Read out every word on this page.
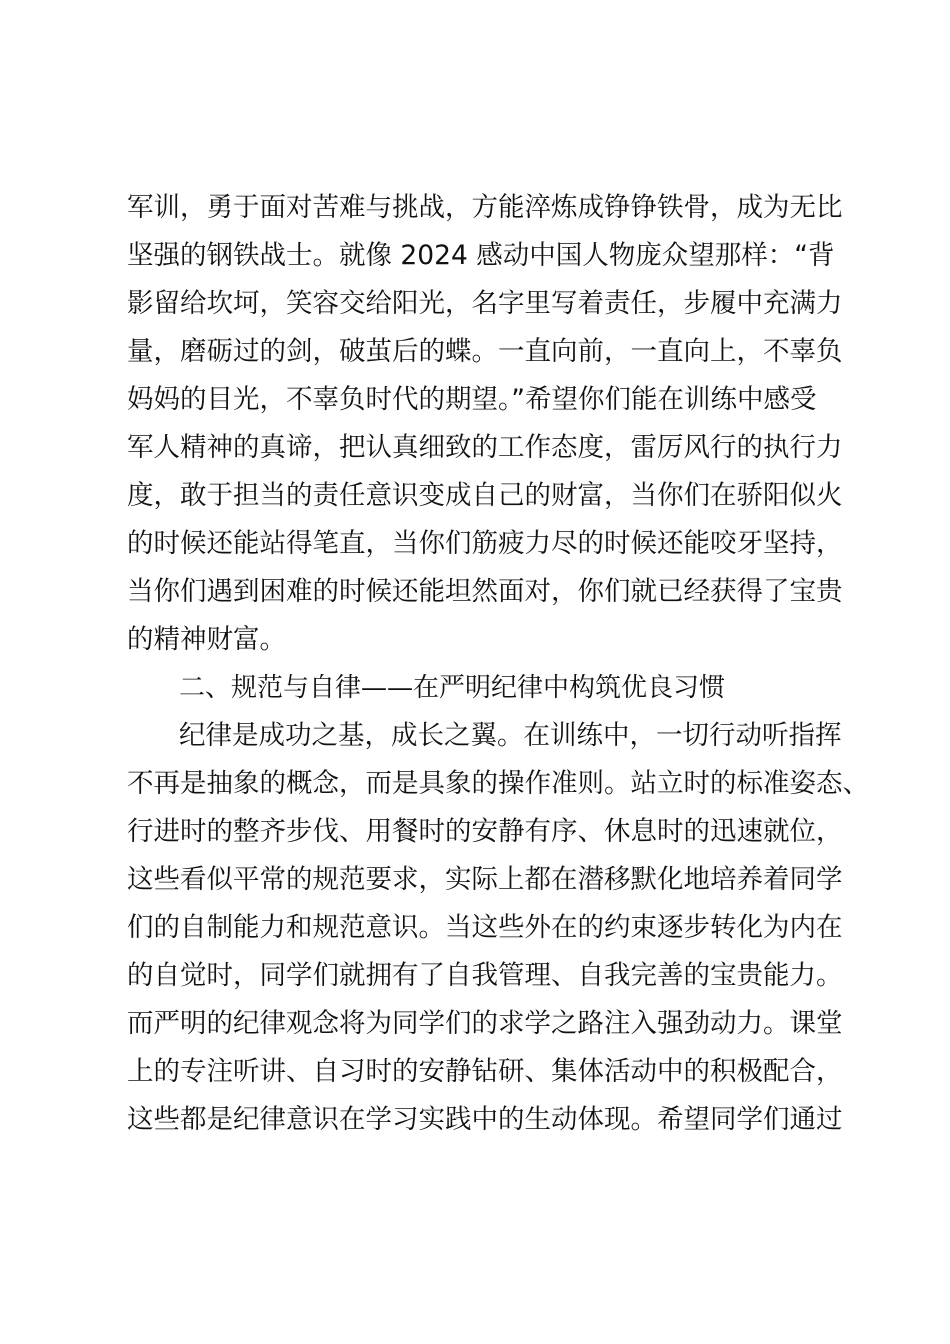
军训，勇于面对苦难与挑战，方能淬炼成铮铮铁骨，成为无比

坚强的钢铁战士。就像 2024 感动中国人物庞众望那样：“背

影留给坎坷，笑容交给阳光，名字里写着责任，步履中充满力

量，磨砺过的剑，破茧后的蝶。一直向前，一直向上，不辜负

妈妈的目光，不辜负时代的期望。”希望你们能在训练中感受

军人精神的真谛，把认真细致的工作态度，雷厉风行的执行力

度，敢于担当的责任意识变成自己的财富，当你们在骄阳似火

的时候还能站得笔直，当你们筋疲力尽的时候还能咬牙坚持，

当你们遇到困难的时候还能坦然面对，你们就已经获得了宝贵

的精神财富。

二、规范与自律——在严明纪律中构筑优良习惯

纪律是成功之基，成长之翼。在训练中，一切行动听指挥

不再是抽象的概念，而是具象的操作准则。站立时的标准姿态、

行进时的整齐步伐、用餐时的安静有序、休息时的迅速就位，

这些看似平常的规范要求，实际上都在潜移默化地培养着同学

们的自制能力和规范意识。当这些外在的约束逐步转化为内在

的自觉时，同学们就拥有了自我管理、自我完善的宝贵能力。

而严明的纪律观念将为同学们的求学之路注入强劲动力。课堂

上的专注听讲、自习时的安静钻研、集体活动中的积极配合，

这些都是纪律意识在学习实践中的生动体现。希望同学们通过
